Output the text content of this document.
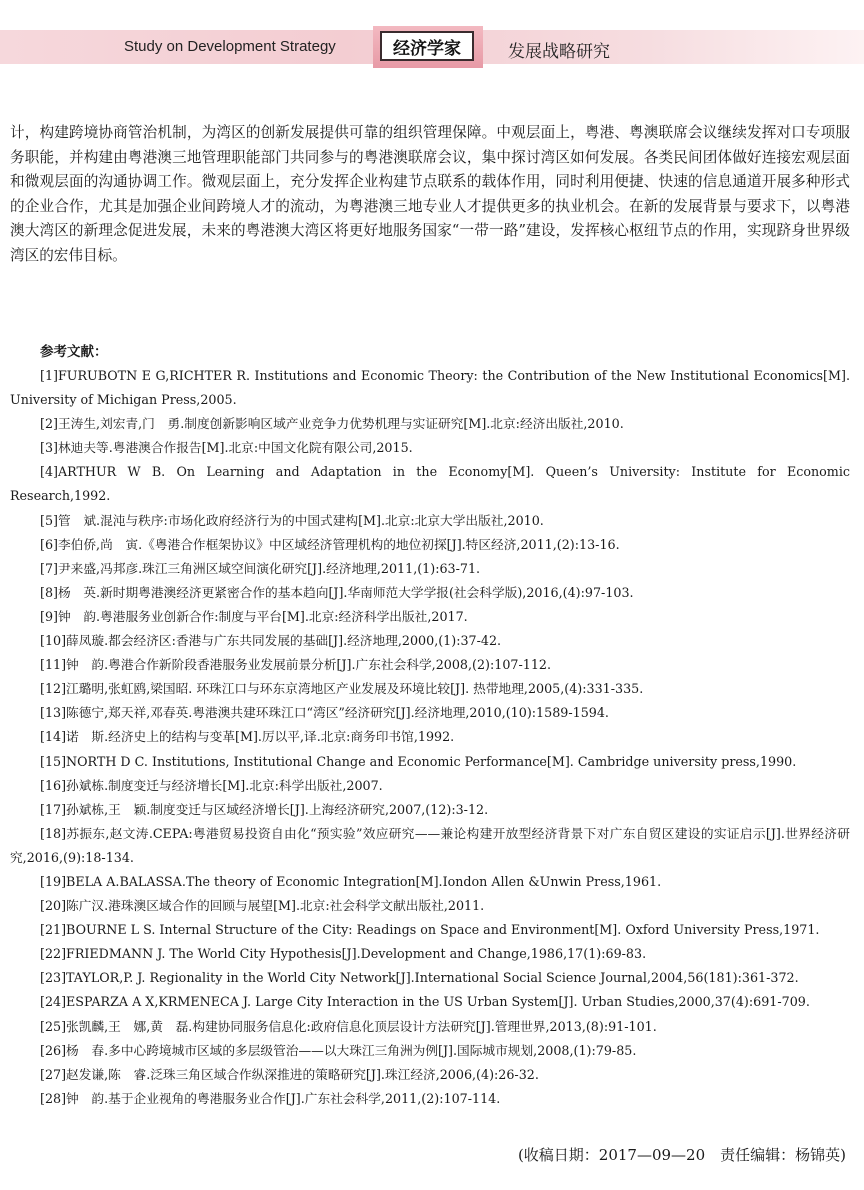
Study on Development Strategy	经济学家	发展战略研究

计，构建跨境协商管治机制，为湾区的创新发展提供可靠的组织管理保障。中观层面上，粤港、粤澳联席会议继续发挥对口专项服务职能，并构建由粤港澳三地管理职能部门共同参与的粤港澳联席会议，集中探讨湾区如何发展。各类民间团体做好连接宏观层面和微观层面的沟通协调工作。微观层面上，充分发挥企业构建节点联系的载体作用，同时利用便捷、快速的信息通道开展多种形式的企业合作，尤其是加强企业间跨境人才的流动，为粤港澳三地专业人才提供更多的执业机会。在新的发展背景与要求下，以粤港澳大湾区的新理念促进发展，未来的粤港澳大湾区将更好地服务国家“一带一路”建设，发挥核心枢纽节点的作用，实现跻身世界级湾区的宏伟目标。

参考文献：
[1]FURUBOTN E G,RICHTER R. Institutions and Economic Theory: the Contribution of the New Institutional Economics[M]. University of Michigan Press,2005.
[2]王涛生,刘宏青,门　勇.制度创新影响区域产业竞争力优势机理与实证研究[M].北京:经济出版社,2010.
[3]林迪夫等.粤港澳合作报告[M].北京:中国文化院有限公司,2015.
[4]ARTHUR W B. On Learning and Adaptation in the Economy[M]. Queen’s University: Institute for Economic Research,1992.
[5]管　斌.混沌与秩序:市场化政府经济行为的中国式建构[M].北京:北京大学出版社,2010.
[6]李伯侨,尚　寅.《粤港合作框架协议》中区域经济管理机构的地位初探[J].特区经济,2011,(2):13-16.
[7]尹来盛,冯邦彦.珠江三角洲区域空间演化研究[J].经济地理,2011,(1):63-71.
[8]杨　英.新时期粤港澳经济更紧密合作的基本趋向[J].华南师范大学学报(社会科学版),2016,(4):97-103.
[9]钟　韵.粤港服务业创新合作:制度与平台[M].北京:经济科学出版社,2017.
[10]薛凤璇.都会经济区:香港与广东共同发展的基础[J].经济地理,2000,(1):37-42.
[11]钟　韵.粤港合作新阶段香港服务业发展前景分析[J].广东社会科学,2008,(2):107-112.
[12]江璐明,张虹鸥,梁国昭. 环珠江口与环东京湾地区产业发展及环境比较[J]. 热带地理,2005,(4):331-335.
[13]陈德宁,郑天祥,邓春英.粤港澳共建环珠江口“湾区”经济研究[J].经济地理,2010,(10):1589-1594.
[14]诺　斯.经济史上的结构与变革[M].厉以平,译.北京:商务印书馆,1992.
[15]NORTH D C. Institutions, Institutional Change and Economic Performance[M]. Cambridge university press,1990.
[16]孙斌栋.制度变迁与经济增长[M].北京:科学出版社,2007.
[17]孙斌栋,王　颖.制度变迁与区域经济增长[J].上海经济研究,2007,(12):3-12.
[18]苏振东,赵文涛.CEPA:粤港贸易投资自由化“预实验”效应研究——兼论构建开放型经济背景下对广东自贸区建设的实证启示[J].世界经济研究,2016,(9):18-134.
[19]BELA A.BALASSA.The theory of Economic Integration[M].Iondon Allen &Unwin Press,1961.
[20]陈广汉.港珠澳区域合作的回顾与展望[M].北京:社会科学文献出版社,2011.
[21]BOURNE L S. Internal Structure of the City: Readings on Space and Environment[M]. Oxford University Press,1971.
[22]FRIEDMANN J. The World City Hypothesis[J].Development and Change,1986,17(1):69-83.
[23]TAYLOR,P. J. Regionality in the World City Network[J].International Social Science Journal,2004,56(181):361-372.
[24]ESPARZA A X,KRMENECA J. Large City Interaction in the US Urban System[J]. Urban Studies,2000,37(4):691-709.
[25]张凯麟,王　娜,黄　磊.构建协同服务信息化:政府信息化顶层设计方法研究[J].管理世界,2013,(8):91-101.
[26]杨　春.多中心跨境城市区域的多层级管治——以大珠江三角洲为例[J].国际城市规划,2008,(1):79-85.
[27]赵发谦,陈　睿.泛珠三角区域合作纵深推进的策略研究[J].珠江经济,2006,(4):26-32.
[28]钟　韵.基于企业视角的粤港服务业合作[J].广东社会科学,2011,(2):107-114.
(收稿日期：2017—09—20　责任编辑：杨锦英)
